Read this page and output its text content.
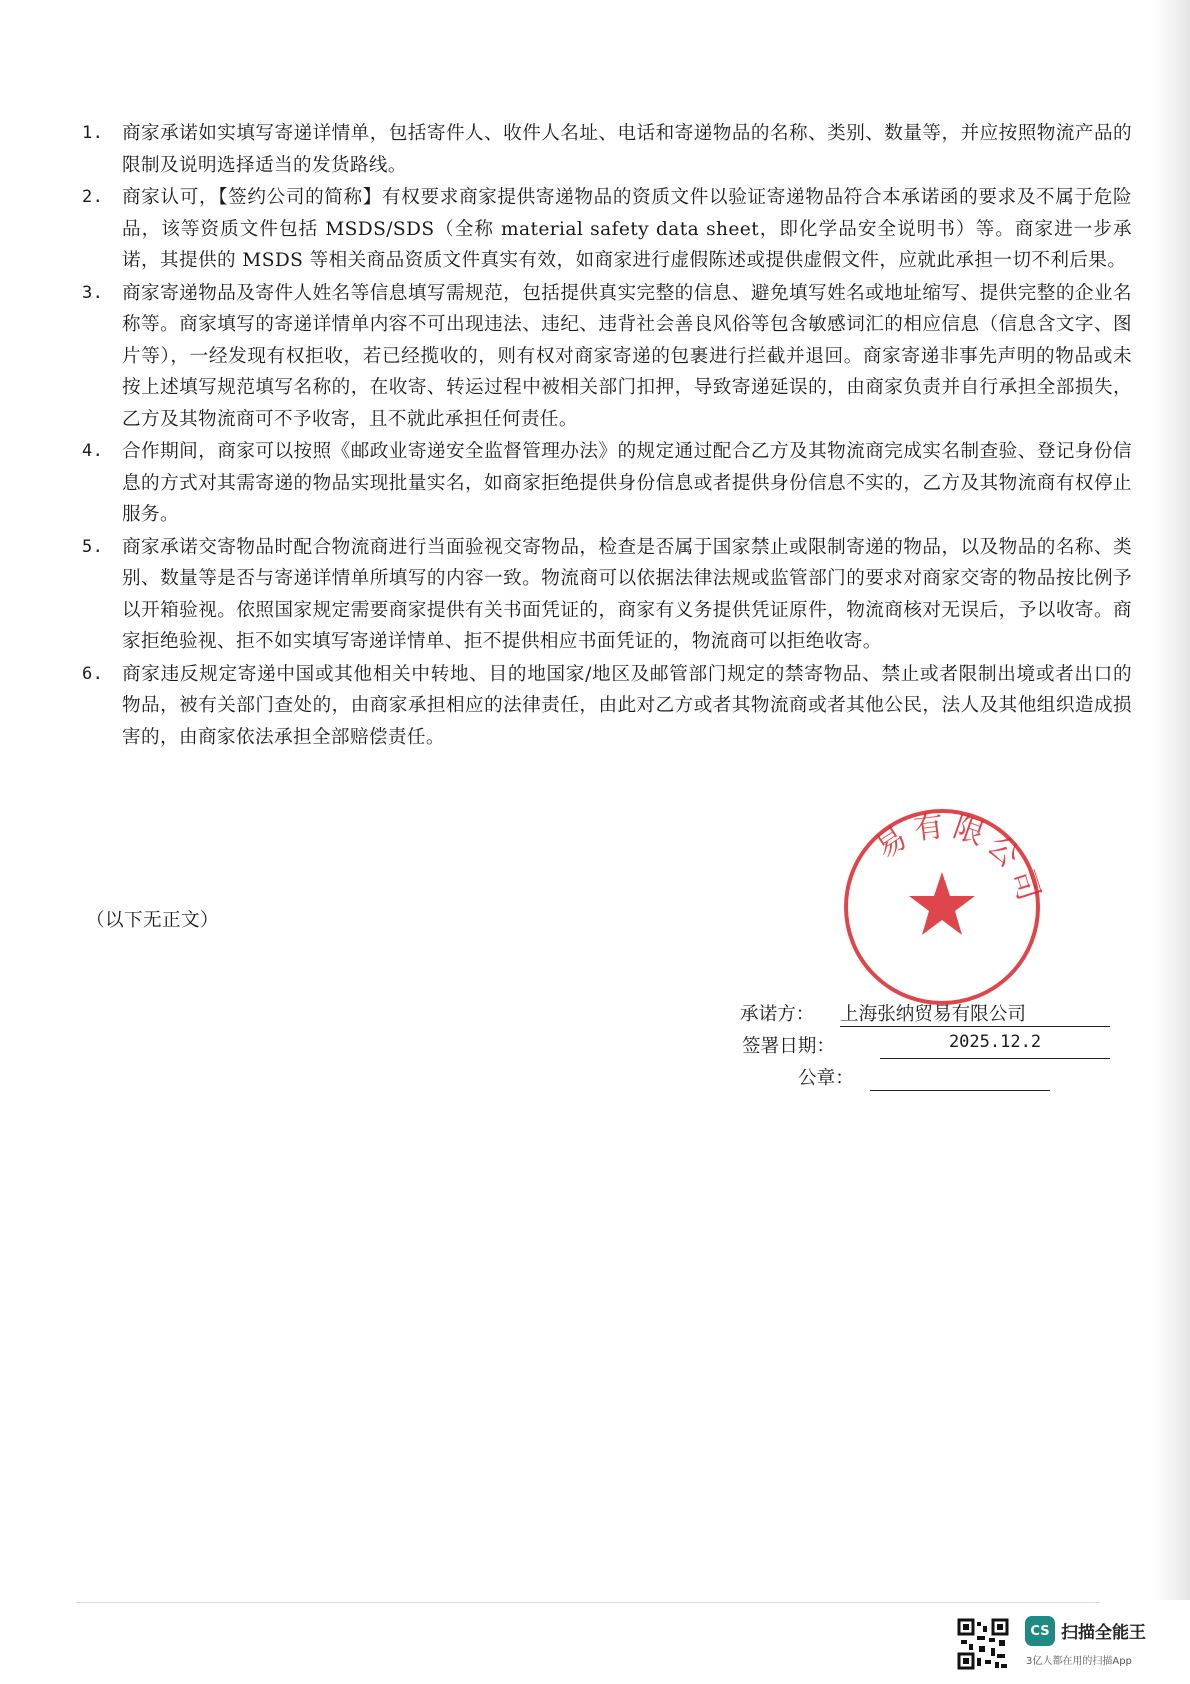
1.	商家承诺如实填写寄递详情单，包括寄件人、收件人名址、电话和寄递物品的名称、类别、数量等，并应按照物流产品的限制及说明选择适当的发货路线。
2.	商家认可，【签约公司的简称】有权要求商家提供寄递物品的资质文件以验证寄递物品符合本承诺函的要求及不属于危险品，该等资质文件包括 MSDS/SDS（全称 material safety data sheet，即化学品安全说明书）等。商家进一步承诺，其提供的 MSDS 等相关商品资质文件真实有效，如商家进行虚假陈述或提供虚假文件，应就此承担一切不利后果。
3.	商家寄递物品及寄件人姓名等信息填写需规范，包括提供真实完整的信息、避免填写姓名或地址缩写、提供完整的企业名称等。商家填写的寄递详情单内容不可出现违法、违纪、违背社会善良风俗等包含敏感词汇的相应信息（信息含文字、图片等），一经发现有权拒收，若已经揽收的，则有权对商家寄递的包裹进行拦截并退回。商家寄递非事先声明的物品或未按上述填写规范填写名称的，在收寄、转运过程中被相关部门扣押，导致寄递延误的，由商家负责并自行承担全部损失，乙方及其物流商可不予收寄，且不就此承担任何责任。
4.	合作期间，商家可以按照《邮政业寄递安全监督管理办法》的规定通过配合乙方及其物流商完成实名制查验、登记身份信息的方式对其需寄递的物品实现批量实名，如商家拒绝提供身份信息或者提供身份信息不实的，乙方及其物流商有权停止服务。
5.	商家承诺交寄物品时配合物流商进行当面验视交寄物品，检查是否属于国家禁止或限制寄递的物品，以及物品的名称、类别、数量等是否与寄递详情单所填写的内容一致。物流商可以依据法律法规或监管部门的要求对商家交寄的物品按比例予以开箱验视。依照国家规定需要商家提供有关书面凭证的，商家有义务提供凭证原件，物流商核对无误后，予以收寄。商家拒绝验视、拒不如实填写寄递详情单、拒不提供相应书面凭证的，物流商可以拒绝收寄。
6.	商家违反规定寄递中国或其他相关中转地、目的地国家/地区及邮管部门规定的禁寄物品、禁止或者限制出境或者出口的物品，被有关部门查处的，由商家承担相应的法律责任，由此对乙方或者其物流商或者其他公民，法人及其他组织造成损害的，由商家依法承担全部赔偿责任。
（以下无正文）
易有限公司
承诺方： 上海张纳贸易有限公司
签署日期：	2025.12.2
公章：
CS 扫描全能王
3亿人都在用的扫描App
